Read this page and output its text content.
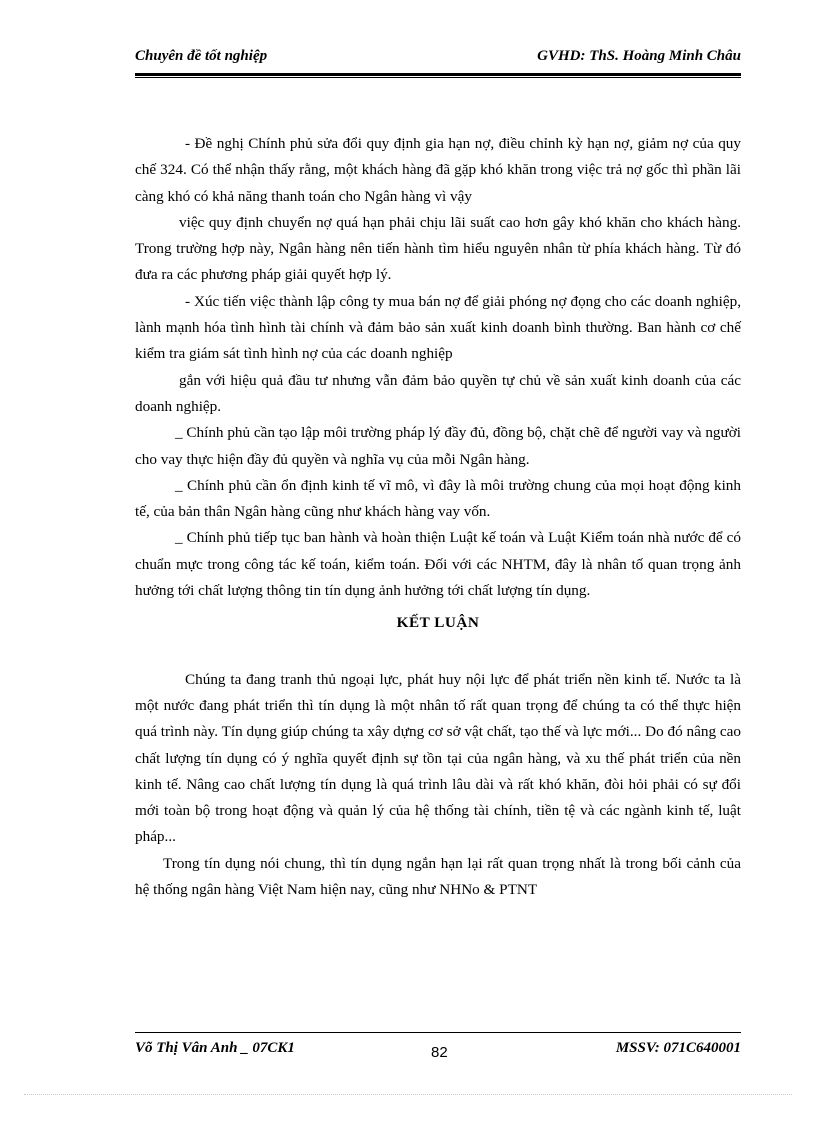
Chuyên đề tốt nghiệp	GVHD: ThS. Hoàng Minh Châu

- Đề nghị Chính phủ sửa đổi quy định gia hạn nợ, điều chỉnh kỳ hạn nợ, giảm nợ của quy chế 324. Có thể nhận thấy rằng, một khách hàng đã gặp khó khăn trong việc trả nợ gốc thì phần lãi càng khó có khả năng thanh toán cho Ngân hàng vì vậy

việc quy định chuyển nợ quá hạn phải chịu lãi suất cao hơn gây khó khăn cho khách hàng. Trong trường hợp này, Ngân hàng nên tiến hành tìm hiểu nguyên nhân từ phía khách hàng. Từ đó đưa ra các phương pháp giải quyết hợp lý.

- Xúc tiến việc thành lập công ty mua bán nợ để giải phóng nợ đọng cho các doanh nghiệp, lành mạnh hóa tình hình tài chính và đảm bảo sản xuất kinh doanh bình thường. Ban hành cơ chế kiểm tra giám sát tình hình nợ của các doanh nghiệp

gắn với hiệu quả đầu tư nhưng vẫn đảm bảo quyền tự chủ về sản xuất kinh doanh của các doanh nghiệp.

_ Chính phủ cần tạo lập môi trường pháp lý đầy đủ, đồng bộ, chặt chẽ để người vay và người cho vay thực hiện đầy đủ quyền và nghĩa vụ của mỗi Ngân hàng.

_ Chính phủ cần ổn định kinh tế vĩ mô, vì đây là môi trường chung của mọi hoạt động kinh tế, của bản thân Ngân hàng cũng như khách hàng vay vốn.

_ Chính phủ tiếp tục ban hành và hoàn thiện Luật kế toán và Luật Kiểm toán nhà nước để có chuẩn mực trong công tác kế toán, kiểm toán. Đối với các NHTM, đây là nhân tố quan trọng ảnh hưởng tới chất lượng thông tin tín dụng ảnh hưởng tới chất lượng tín dụng.

KẾT LUẬN

Chúng ta đang tranh thủ ngoại lực, phát huy nội lực để phát triển nền kinh tế. Nước ta là một nước đang phát triển thì tín dụng là một nhân tố rất quan trọng để chúng ta có thể thực hiện quá trình này. Tín dụng giúp chúng ta xây dựng cơ sở vật chất, tạo thế và lực mới... Do đó nâng cao chất lượng tín dụng có ý nghĩa quyết định sự tồn tại của ngân hàng, và xu thế phát triển của nền kinh tế. Nâng cao chất lượng tín dụng là quá trình lâu dài và rất khó khăn, đòi hỏi phải có sự đổi mới toàn bộ trong hoạt động và quản lý của hệ thống tài chính, tiền tệ và các ngành kinh tế, luật pháp...

Trong tín dụng nói chung, thì tín dụng ngắn hạn lại rất quan trọng nhất là trong bối cảnh của hệ thống ngân hàng Việt Nam hiện nay, cũng như NHNo & PTNT

Võ Thị Vân Anh _ 07CK1	82	MSSV: 071C640001
